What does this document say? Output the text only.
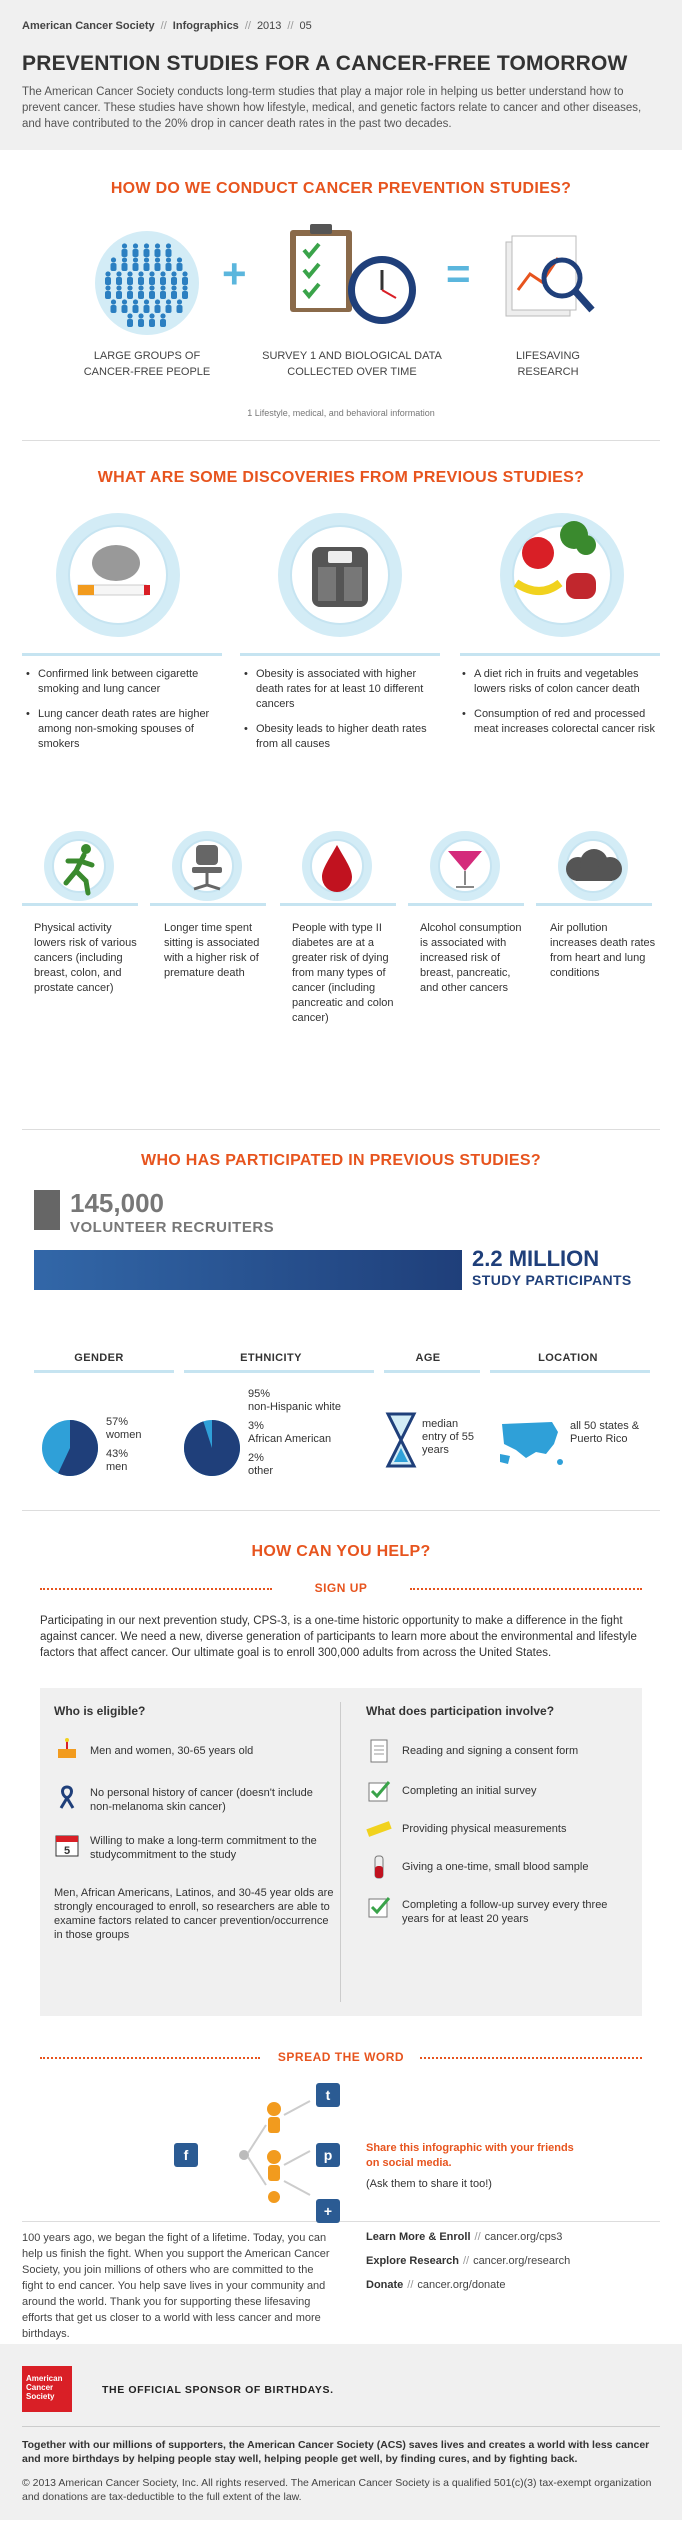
American Cancer Society // Infographics // 2013 // 05
PREVENTION STUDIES FOR A CANCER-FREE TOMORROW
The American Cancer Society conducts long-term studies that play a major role in helping us better understand how to prevent cancer. These studies have shown how lifestyle, medical, and genetic factors relate to cancer and other diseases, and have contributed to the 20% drop in cancer death rates in the past two decades.
HOW DO WE CONDUCT CANCER PREVENTION STUDIES?
+	=
LARGE GROUPS OF CANCER-FREE PEOPLE
SURVEY 1 AND BIOLOGICAL DATA COLLECTED OVER TIME
LIFESAVING RESEARCH
1 Lifestyle, medical, and behavioral information
WHAT ARE SOME DISCOVERIES FROM PREVIOUS STUDIES?
• Confirmed link between cigarette smoking and lung cancer
• Lung cancer death rates are higher among non-smoking spouses of smokers
• Obesity is associated with higher death rates for at least 10 different cancers
• Obesity leads to higher death rates from all causes
• A diet rich in fruits and vegetables lowers risks of colon cancer death
• Consumption of red and processed meat increases colorectal cancer risk
Physical activity lowers risk of various cancers (including breast, colon, and prostate cancer)
Longer time spent sitting is associated with a higher risk of premature death
People with type II diabetes are at a greater risk of dying from many types of cancer (including pancreatic and colon cancer)
Alcohol consumption is associated with increased risk of breast, pancreatic, and other cancers
Air pollution increases death rates from heart and lung conditions
WHO HAS PARTICIPATED IN PREVIOUS STUDIES?
145,000
VOLUNTEER RECRUITERS
2.2 MILLION
STUDY PARTICIPANTS
GENDER	ETHNICITY	AGE	LOCATION
57%
women
43%
men
95%
non-Hispanic white
3%
African American
2%
other
median entry of 55 years
all 50 states & Puerto Rico
HOW CAN YOU HELP?
SIGN UP
Participating in our next prevention study, CPS-3, is a one-time historic opportunity to make a difference in the fight against cancer. We need a new, diverse generation of participants to learn more about the environmental and lifestyle factors that affect cancer. Our ultimate goal is to enroll 300,000 adults from across the United States.
Who is eligible?	What does participation involve?
Men and women, 30-65 years old
No personal history of cancer (doesn't include non-melanoma skin cancer)
5
Willing to make a long-term commitment to the studycommitment to the study
Men, African Americans, Latinos, and 30-45 year olds are strongly encouraged to enroll, so researchers are able to examine factors related to cancer prevention/occurrence in those groups
Reading and signing a consent form
Completing an initial survey
Providing physical measurements
Giving a one-time, small blood sample
Completing a follow-up survey every three years for at least 20 years
SPREAD THE WORD
f
t
p
+
Share this infographic with your friends on social media.
(Ask them to share it too!)
100 years ago, we began the fight of a lifetime. Today, you can help us finish the fight. When you support the American Cancer Society, you join millions of others who are committed to the fight to end cancer. You help save lives in your community and around the world. Thank you for supporting these lifesaving efforts that get us closer to a world with less cancer and more birthdays.
Learn More & Enroll // cancer.org/cps3
Explore Research // cancer.org/research
Donate // cancer.org/donate
American Cancer Society
THE OFFICIAL SPONSOR OF BIRTHDAYS.
Together with our millions of supporters, the American Cancer Society (ACS) saves lives and creates a world with less cancer and more birthdays by helping people stay well, helping people get well, by finding cures, and by fighting back.
© 2013 American Cancer Society, Inc. All rights reserved. The American Cancer Society is a qualified 501(c)(3) tax-exempt organization and donations are tax-deductible to the full extent of the law.
